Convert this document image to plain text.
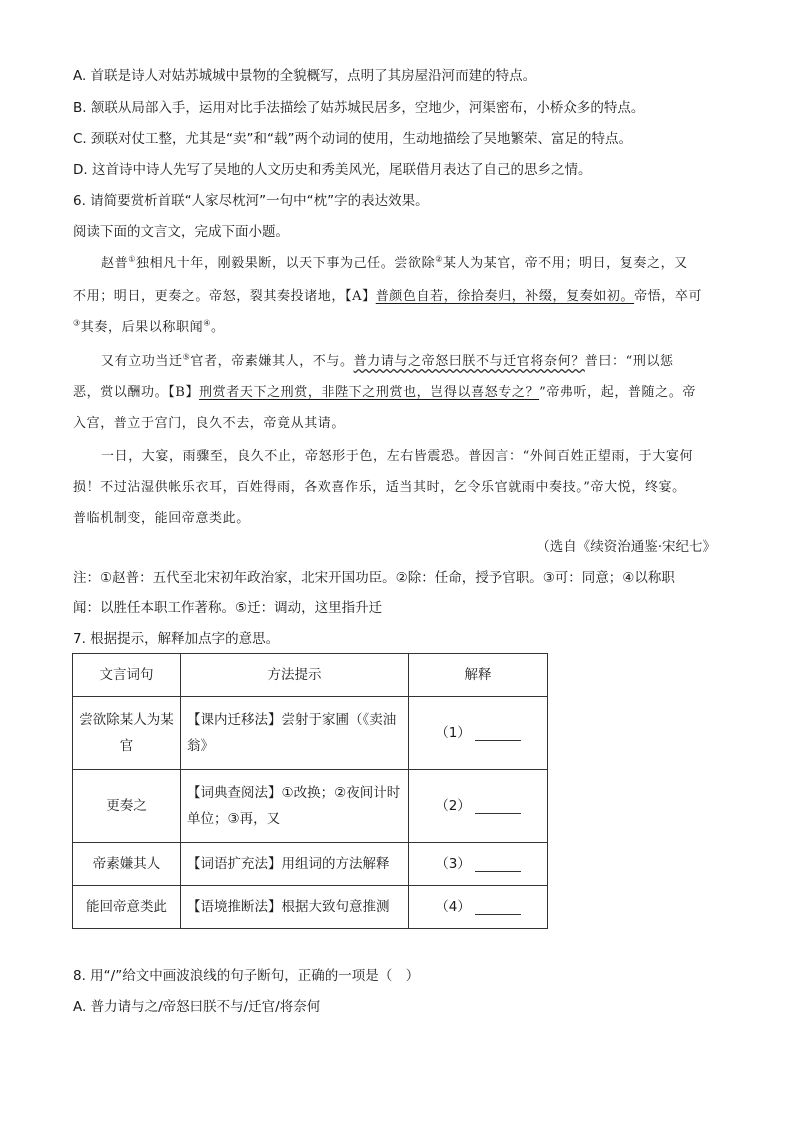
A. 首联是诗人对姑苏城城中景物的全貌概写，点明了其房屋沿河而建的特点。
B. 颔联从局部入手，运用对比手法描绘了姑苏城民居多，空地少，河渠密布，小桥众多的特点。
C. 颈联对仗工整，尤其是“卖”和“载”两个动词的使用，生动地描绘了吴地繁荣、富足的特点。
D. 这首诗中诗人先写了吴地的人文历史和秀美风光，尾联借月表达了自己的思乡之情。
6. 请简要赏析首联“人家尽枕河”一句中“枕”字的表达效果。
阅读下面的文言文，完成下面小题。
赵普①独相凡十年，刚毅果断，以天下事为己任。尝欲除②某人为某官，帝不用；明日，复奏之，又
不用；明日，更奏之。帝怒，裂其奏投诸地，【A】普颜色自若，徐拾奏归，补缀，复奏如初。帝悟，卒可
③其奏，后果以称职闻④。
又有立功当迁⑤官者，帝素嫌其人，不与。普力请与之帝怒曰朕不与迁官将奈何？普曰：“刑以惩
恶，赏以酬功。【B】刑赏者天下之刑赏，非陛下之刑赏也，岂得以喜怒专之？”帝弗听，起，普随之。帝
入宫，普立于宫门，良久不去，帝竟从其请。
一日，大宴，雨骤至，良久不止，帝怒形于色，左右皆震恐。普因言：“外间百姓正望雨，于大宴何
损！不过沾湿供帐乐衣耳，百姓得雨，各欢喜作乐，适当其时，乞令乐官就雨中奏技。”帝大悦，终宴。
普临机制变，能回帝意类此。
（选自《续资治通鉴·宋纪七》
注：①赵普：五代至北宋初年政治家，北宋开国功臣。②除：任命，授予官职。③可：同意；④以称职
闻：以胜任本职工作著称。⑤迁：调动，这里指升迁
7. 根据提示，解释加点字的意思。
文言词句	方法提示	解释
尝欲除某人为某官	【课内迁移法】尝射于家圃（《卖油翁》	（1）
更奏之	【词典查阅法】①改换；②夜间计时单位；③再，又	（2）
帝素嫌其人	【词语扩充法】用组词的方法解释	（3）
能回帝意类此	【语境推断法】根据大致句意推测	（4）
8. 用“/”给文中画波浪线的句子断句，正确的一项是（　）
A. 普力请与之/帝怒曰朕不与/迁官/将奈何
